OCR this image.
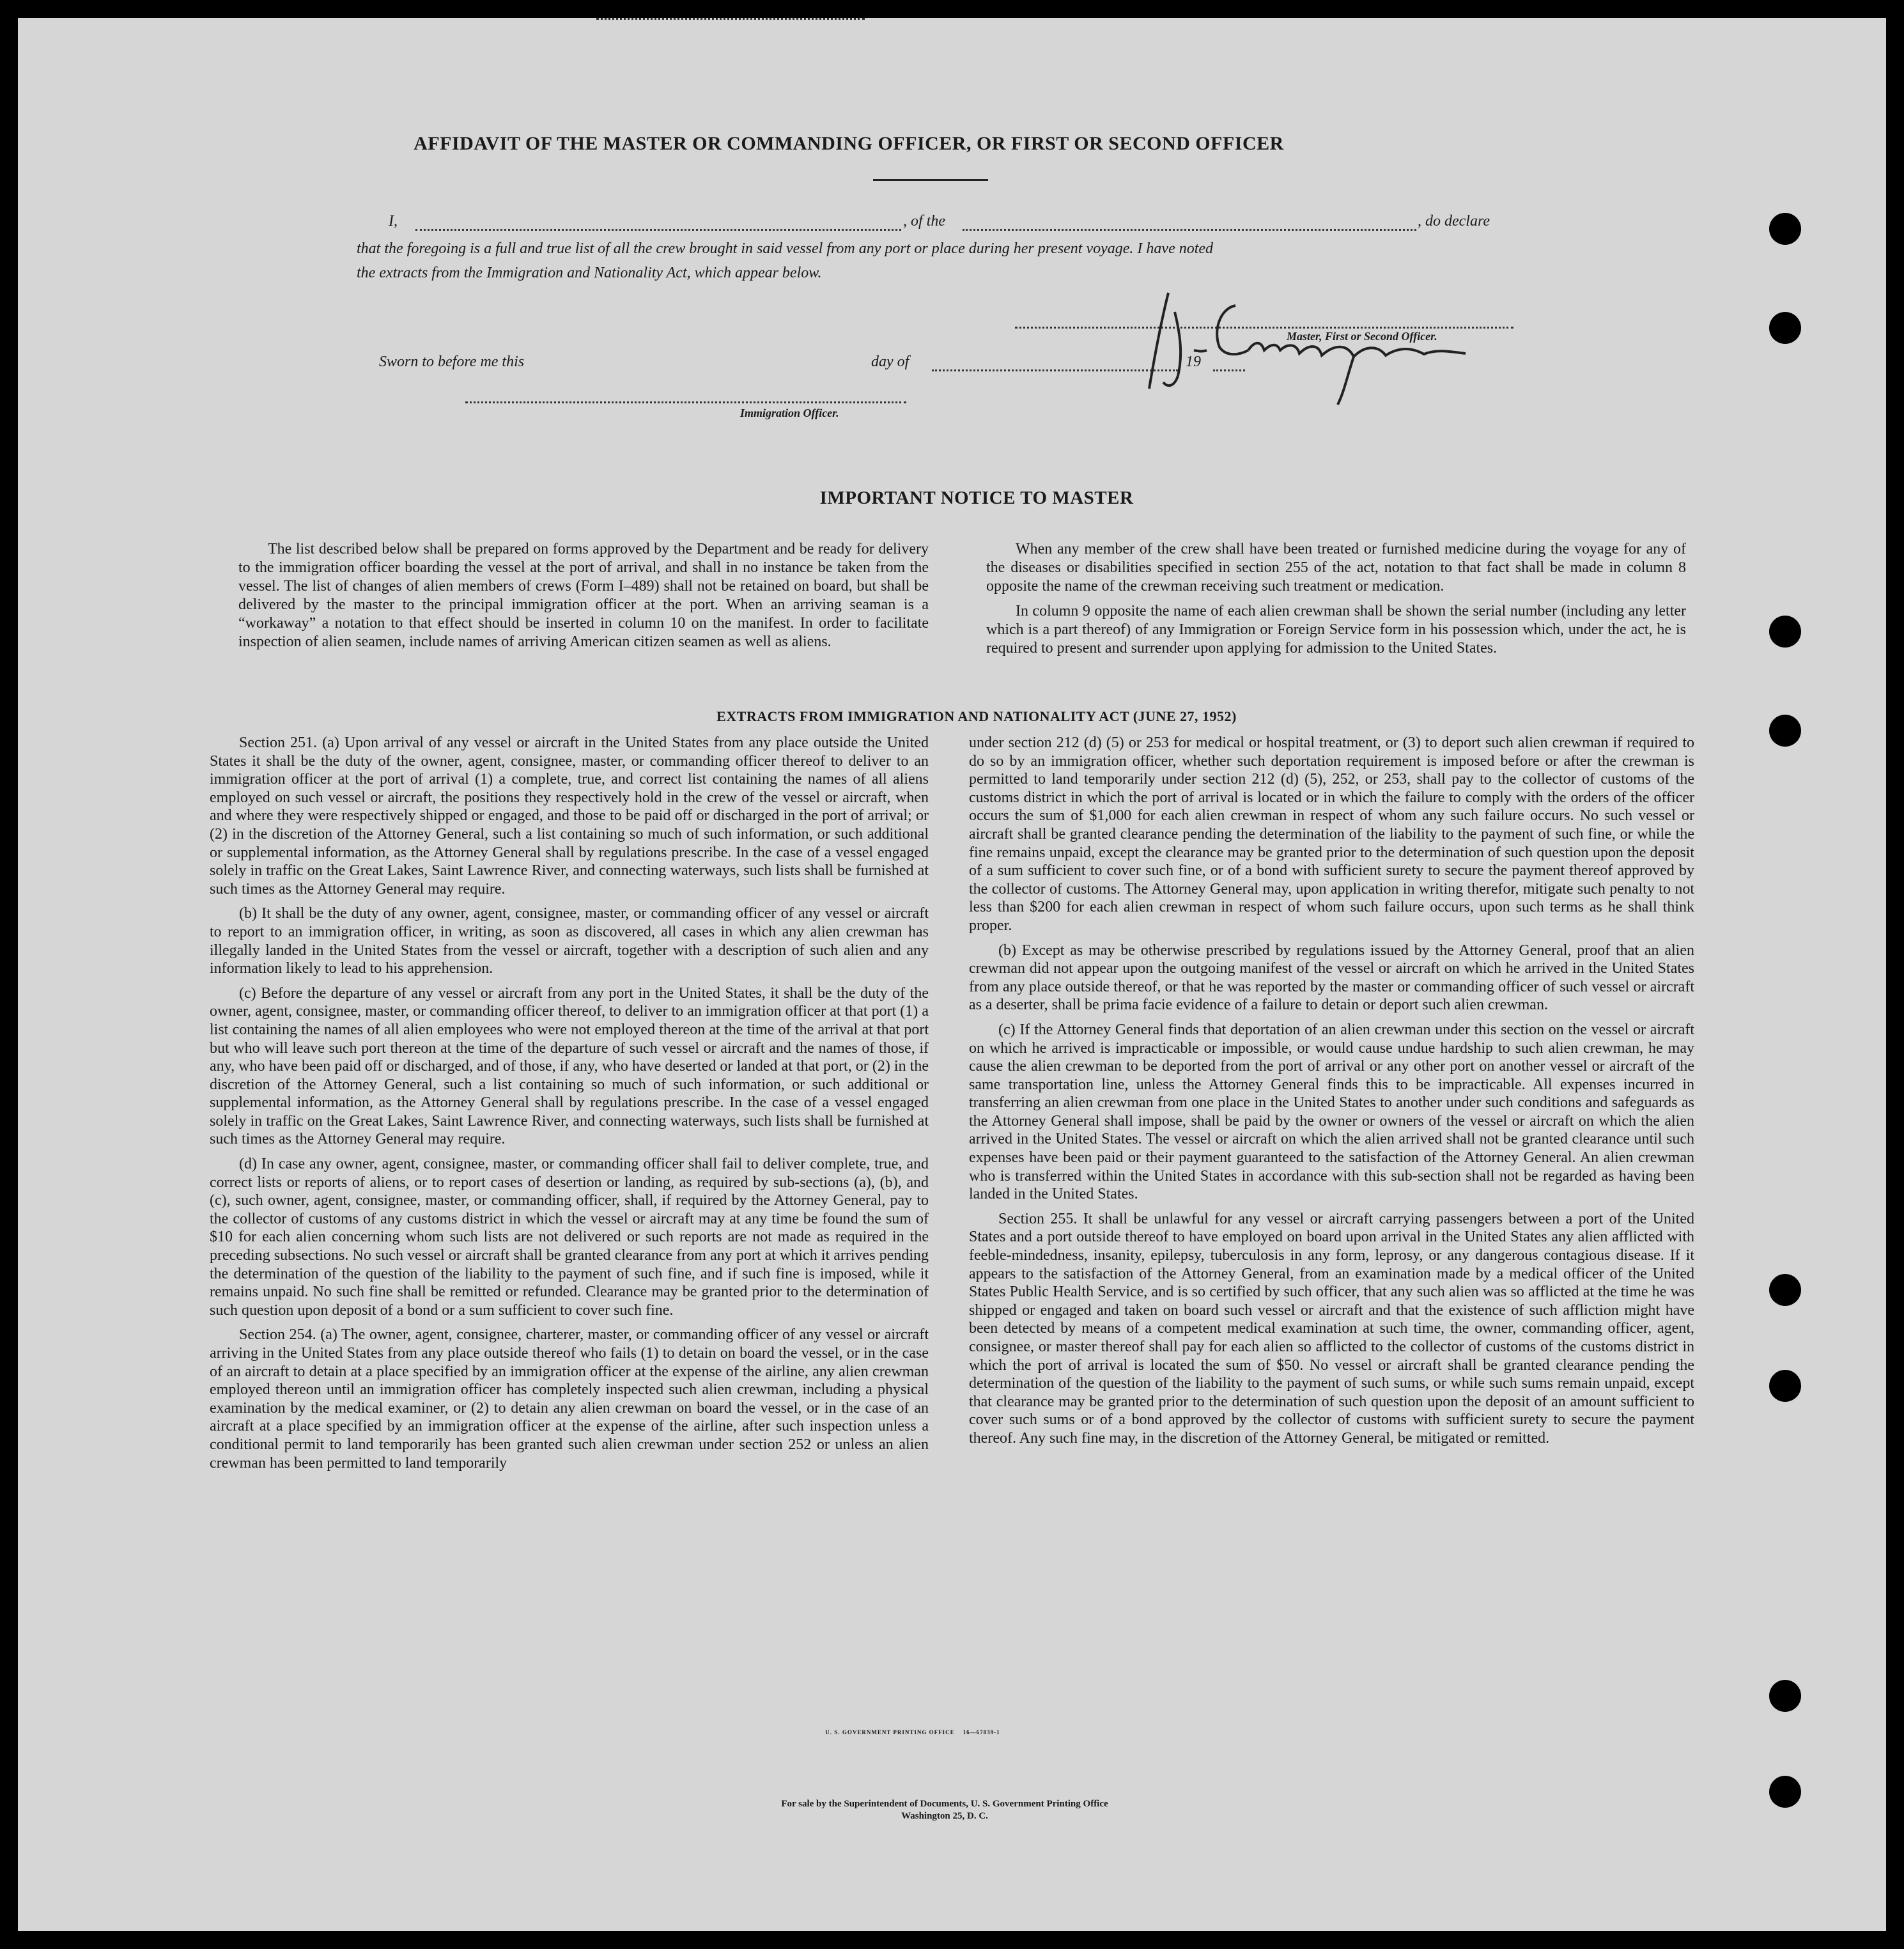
AFFIDAVIT OF THE MASTER OR COMMANDING OFFICER, OR FIRST OR SECOND OFFICER
I,	, of the	, do declare
that the foregoing is a full and true list of all the crew brought in said vessel from any port or place during her present voyage. I have noted
the extracts from the Immigration and Nationality Act, which appear below.
Master, First or Second Officer.
Sworn to before me this	day of	, 19
Immigration Officer.
IMPORTANT NOTICE TO MASTER

The list described below shall be prepared on forms approved by the Department and be ready for delivery to the immigration officer boarding the vessel at the port of arrival, and shall in no instance be taken from the vessel. The list of changes of alien members of crews (Form I–489) shall not be retained on board, but shall be delivered by the master to the principal immigration officer at the port. When an arriving seaman is a “workaway” a notation to that effect should be inserted in column 10 on the manifest. In order to facilitate inspection of alien seamen, include names of arriving American citizen seamen as well as aliens.

When any member of the crew shall have been treated or furnished medicine during the voyage for any of the diseases or disabilities specified in section 255 of the act, notation to that fact shall be made in column 8 opposite the name of the crewman receiving such treatment or medication.

In column 9 opposite the name of each alien crewman shall be shown the serial number (including any letter which is a part thereof) of any Immigration or Foreign Service form in his possession which, under the act, he is required to present and surrender upon applying for admission to the United States.

EXTRACTS FROM IMMIGRATION AND NATIONALITY ACT (JUNE 27, 1952)

Section 251. (a) Upon arrival of any vessel or aircraft in the United States from any place outside the United States it shall be the duty of the owner, agent, consignee, master, or commanding officer thereof to deliver to an immigration officer at the port of arrival (1) a complete, true, and correct list containing the names of all aliens employed on such vessel or aircraft, the positions they respectively hold in the crew of the vessel or aircraft, when and where they were respectively shipped or engaged, and those to be paid off or discharged in the port of arrival; or (2) in the discretion of the Attorney General, such a list containing so much of such information, or such additional or supplemental information, as the Attorney General shall by regulations prescribe. In the case of a vessel engaged solely in traffic on the Great Lakes, Saint Lawrence River, and connecting waterways, such lists shall be furnished at such times as the Attorney General may require.

(b) It shall be the duty of any owner, agent, consignee, master, or commanding officer of any vessel or aircraft to report to an immigration officer, in writing, as soon as discovered, all cases in which any alien crewman has illegally landed in the United States from the vessel or aircraft, together with a description of such alien and any information likely to lead to his apprehension.

(c) Before the departure of any vessel or aircraft from any port in the United States, it shall be the duty of the owner, agent, consignee, master, or commanding officer thereof, to deliver to an immigration officer at that port (1) a list containing the names of all alien employees who were not employed thereon at the time of the arrival at that port but who will leave such port thereon at the time of the departure of such vessel or aircraft and the names of those, if any, who have been paid off or discharged, and of those, if any, who have deserted or landed at that port, or (2) in the discretion of the Attorney General, such a list containing so much of such information, or such additional or supplemental information, as the Attorney General shall by regulations prescribe. In the case of a vessel engaged solely in traffic on the Great Lakes, Saint Lawrence River, and connecting waterways, such lists shall be furnished at such times as the Attorney General may require.

(d) In case any owner, agent, consignee, master, or commanding officer shall fail to deliver complete, true, and correct lists or reports of aliens, or to report cases of desertion or landing, as required by sub-sections (a), (b), and (c), such owner, agent, consignee, master, or commanding officer, shall, if required by the Attorney General, pay to the collector of customs of any customs district in which the vessel or aircraft may at any time be found the sum of $10 for each alien concerning whom such lists are not delivered or such reports are not made as required in the preceding subsections. No such vessel or aircraft shall be granted clearance from any port at which it arrives pending the determination of the question of the liability to the payment of such fine, and if such fine is imposed, while it remains unpaid. No such fine shall be remitted or refunded. Clearance may be granted prior to the determination of such question upon deposit of a bond or a sum sufficient to cover such fine.

Section 254. (a) The owner, agent, consignee, charterer, master, or commanding officer of any vessel or aircraft arriving in the United States from any place outside thereof who fails (1) to detain on board the vessel, or in the case of an aircraft to detain at a place specified by an immigration officer at the expense of the airline, any alien crewman employed thereon until an immigration officer has completely inspected such alien crewman, including a physical examination by the medical examiner, or (2) to detain any alien crewman on board the vessel, or in the case of an aircraft at a place specified by an immigration officer at the expense of the airline, after such inspection unless a conditional permit to land temporarily has been granted such alien crewman under section 252 or unless an alien crewman has been permitted to land temporarily

under section 212 (d) (5) or 253 for medical or hospital treatment, or (3) to deport such alien crewman if required to do so by an immigration officer, whether such deportation requirement is imposed before or after the crewman is permitted to land temporarily under section 212 (d) (5), 252, or 253, shall pay to the collector of customs of the customs district in which the port of arrival is located or in which the failure to comply with the orders of the officer occurs the sum of $1,000 for each alien crewman in respect of whom any such failure occurs. No such vessel or aircraft shall be granted clearance pending the determination of the liability to the payment of such fine, or while the fine remains unpaid, except the clearance may be granted prior to the determination of such question upon the deposit of a sum sufficient to cover such fine, or of a bond with sufficient surety to secure the payment thereof approved by the collector of customs. The Attorney General may, upon application in writing therefor, mitigate such penalty to not less than $200 for each alien crewman in respect of whom such failure occurs, upon such terms as he shall think proper.

(b) Except as may be otherwise prescribed by regulations issued by the Attorney General, proof that an alien crewman did not appear upon the outgoing manifest of the vessel or aircraft on which he arrived in the United States from any place outside thereof, or that he was reported by the master or commanding officer of such vessel or aircraft as a deserter, shall be prima facie evidence of a failure to detain or deport such alien crewman.

(c) If the Attorney General finds that deportation of an alien crewman under this section on the vessel or aircraft on which he arrived is impracticable or impossible, or would cause undue hardship to such alien crewman, he may cause the alien crewman to be deported from the port of arrival or any other port on another vessel or aircraft of the same transportation line, unless the Attorney General finds this to be impracticable. All expenses incurred in transferring an alien crewman from one place in the United States to another under such conditions and safeguards as the Attorney General shall impose, shall be paid by the owner or owners of the vessel or aircraft on which the alien arrived in the United States. The vessel or aircraft on which the alien arrived shall not be granted clearance until such expenses have been paid or their payment guaranteed to the satisfaction of the Attorney General. An alien crewman who is transferred within the United States in accordance with this sub-section shall not be regarded as having been landed in the United States.

Section 255. It shall be unlawful for any vessel or aircraft carrying passengers between a port of the United States and a port outside thereof to have employed on board upon arrival in the United States any alien afflicted with feeble-mindedness, insanity, epilepsy, tuberculosis in any form, leprosy, or any dangerous contagious disease. If it appears to the satisfaction of the Attorney General, from an examination made by a medical officer of the United States Public Health Service, and is so certified by such officer, that any such alien was so afflicted at the time he was shipped or engaged and taken on board such vessel or aircraft and that the existence of such affliction might have been detected by means of a competent medical examination at such time, the owner, commanding officer, agent, consignee, or master thereof shall pay for each alien so afflicted to the collector of customs of the customs district in which the port of arrival is located the sum of $50. No vessel or aircraft shall be granted clearance pending the determination of the question of the liability to the payment of such sums, or while such sums remain unpaid, except that clearance may be granted prior to the determination of such question upon the deposit of an amount sufficient to cover such sums or of a bond approved by the collector of customs with sufficient surety to secure the payment thereof. Any such fine may, in the discretion of the Attorney General, be mitigated or remitted.

U. S. GOVERNMENT PRINTING OFFICE    16—67839-1
For sale by the Superintendent of Documents, U. S. Government Printing Office
Washington 25, D. C.
